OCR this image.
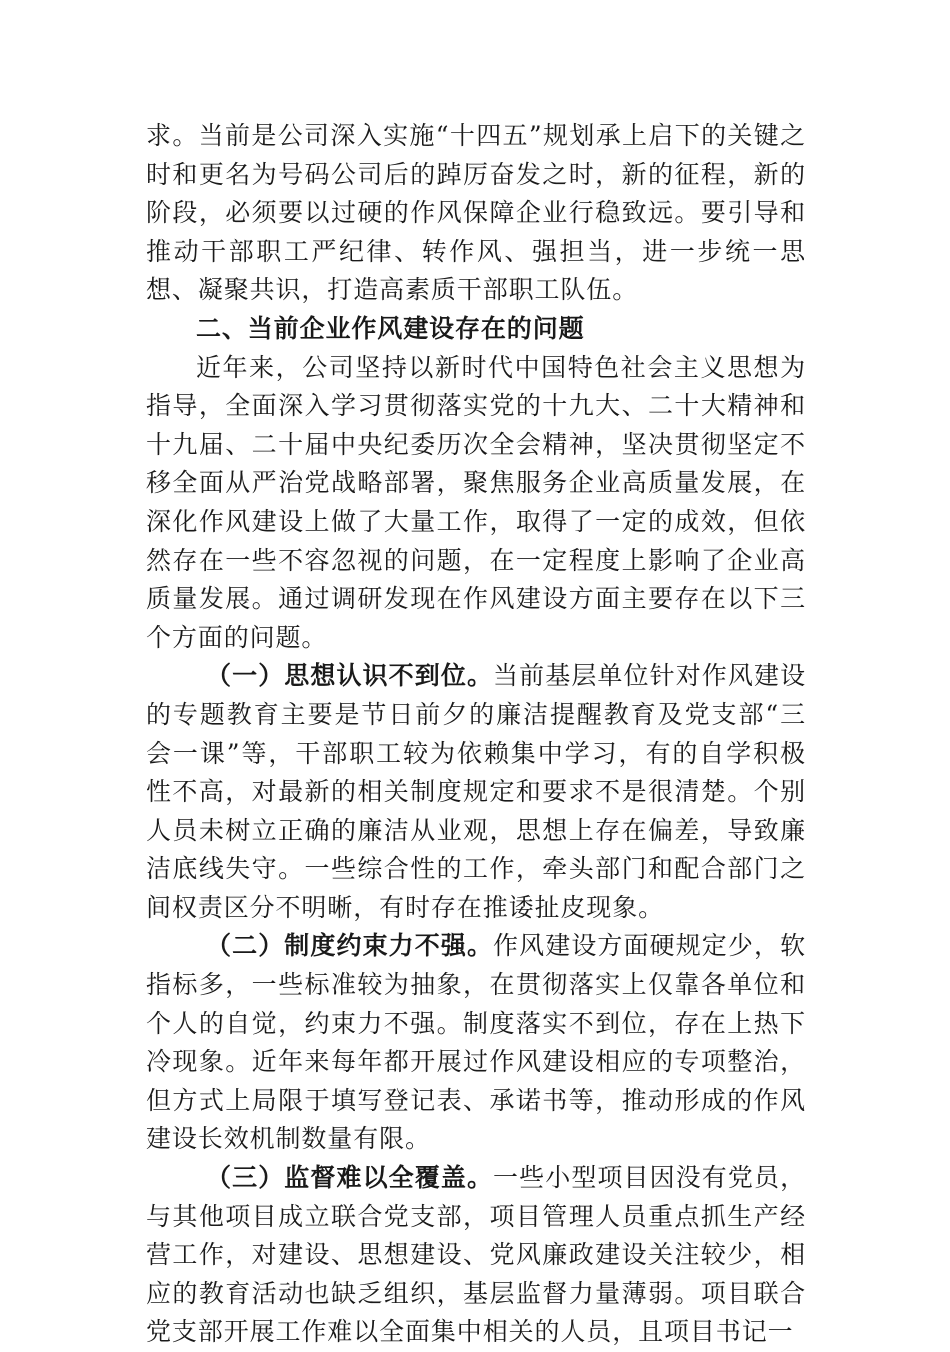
求。当前是公司深入实施“十四五”规划承上启下的关键之时和更名为号码公司后的踔厉奋发之时，新的征程，新的阶段，必须要以过硬的作风保障企业行稳致远。要引导和推动干部职工严纪律、转作风、强担当，进一步统一思想、凝聚共识，打造高素质干部职工队伍。

二、当前企业作风建设存在的问题

近年来，公司坚持以新时代中国特色社会主义思想为指导，全面深入学习贯彻落实党的十九大、二十大精神和十九届、二十届中央纪委历次全会精神，坚决贯彻坚定不移全面从严治党战略部署，聚焦服务企业高质量发展，在深化作风建设上做了大量工作，取得了一定的成效，但依然存在一些不容忽视的问题，在一定程度上影响了企业高质量发展。通过调研发现在作风建设方面主要存在以下三个方面的问题。

（一）思想认识不到位。当前基层单位针对作风建设的专题教育主要是节日前夕的廉洁提醒教育及党支部“三会一课”等，干部职工较为依赖集中学习，有的自学积极性不高，对最新的相关制度规定和要求不是很清楚。个别人员未树立正确的廉洁从业观，思想上存在偏差，导致廉洁底线失守。一些综合性的工作，牵头部门和配合部门之间权责区分不明晰，有时存在推诿扯皮现象。

（二）制度约束力不强。作风建设方面硬规定少，软指标多，一些标准较为抽象，在贯彻落实上仅靠各单位和个人的自觉，约束力不强。制度落实不到位，存在上热下冷现象。近年来每年都开展过作风建设相应的专项整治，但方式上局限于填写登记表、承诺书等，推动形成的作风建设长效机制数量有限。

（三）监督难以全覆盖。一些小型项目因没有党员，与其他项目成立联合党支部，项目管理人员重点抓生产经营工作，对建设、思想建设、党风廉政建设关注较少，相应的教育活动也缺乏组织，基层监督力量薄弱。项目联合党支部开展工作难以全面集中相关的人员，且项目书记一
